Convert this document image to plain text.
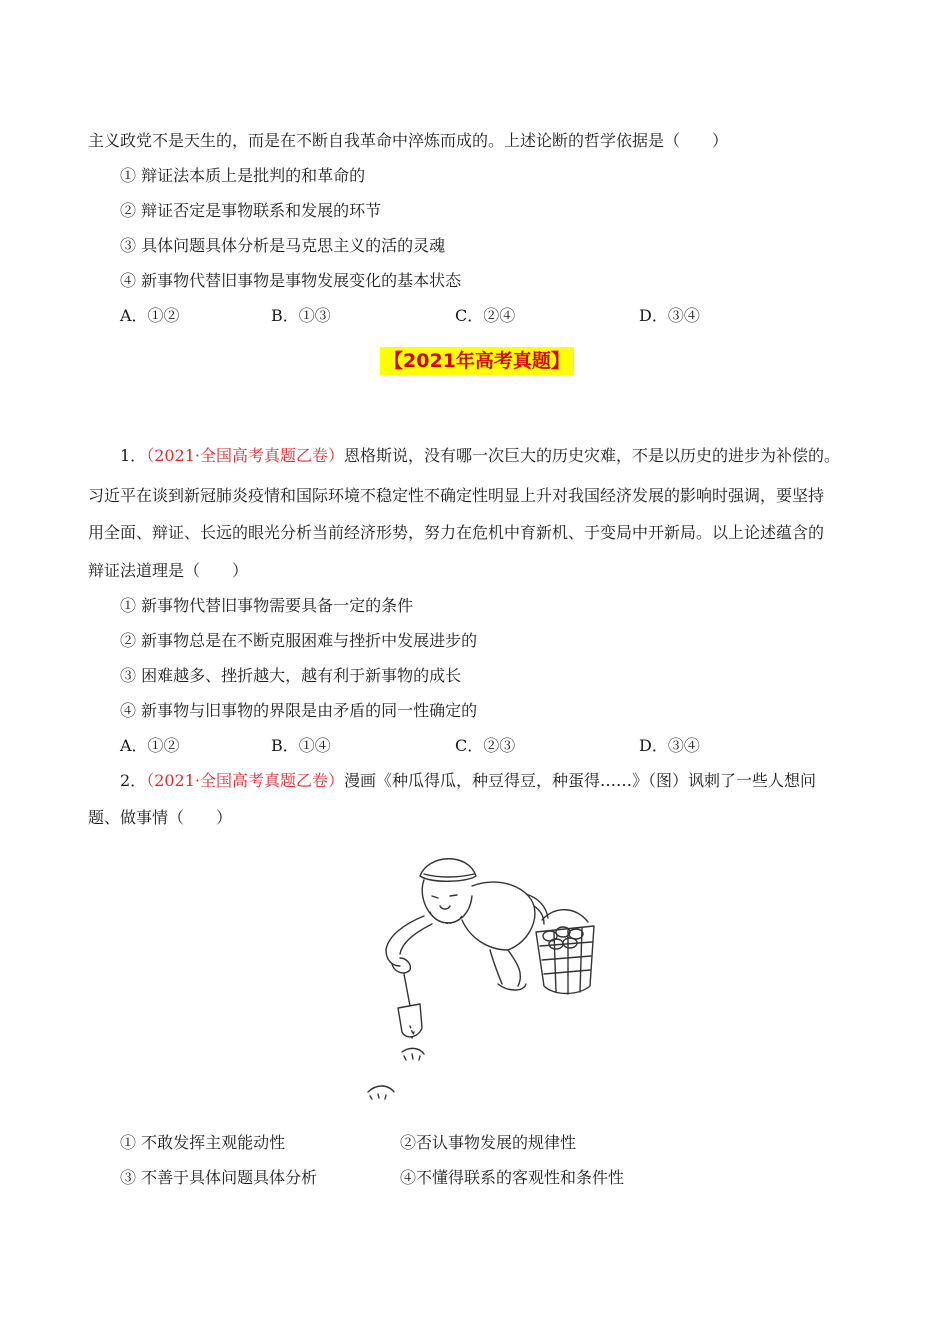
主义政党不是天生的，而是在不断自我革命中淬炼而成的。上述论断的哲学依据是（　　）
① 辩证法本质上是批判的和革命的
② 辩证否定是事物联系和发展的环节
③ 具体问题具体分析是马克思主义的活的灵魂
④ 新事物代替旧事物是事物发展变化的基本状态
A．①②	B．①③	C．②④	D．③④
【2021年高考真题】
1．（2021·全国高考真题乙卷）恩格斯说，没有哪一次巨大的历史灾难，不是以历史的进步为补偿的。
习近平在谈到新冠肺炎疫情和国际环境不稳定性不确定性明显上升对我国经济发展的影响时强调，要坚持
用全面、辩证、长远的眼光分析当前经济形势，努力在危机中育新机、于变局中开新局。以上论述蕴含的
辩证法道理是（　　）
① 新事物代替旧事物需要具备一定的条件
② 新事物总是在不断克服困难与挫折中发展进步的
③ 困难越多、挫折越大，越有利于新事物的成长
④ 新事物与旧事物的界限是由矛盾的同一性确定的
A．①②	B．①④	C．②③	D．③④
2．（2021·全国高考真题乙卷）漫画《种瓜得瓜，种豆得豆，种蛋得……》（图）讽刺了一些人想问
题、做事情（　　）
① 不敢发挥主观能动性	②否认事物发展的规律性
③ 不善于具体问题具体分析	④不懂得联系的客观性和条件性
